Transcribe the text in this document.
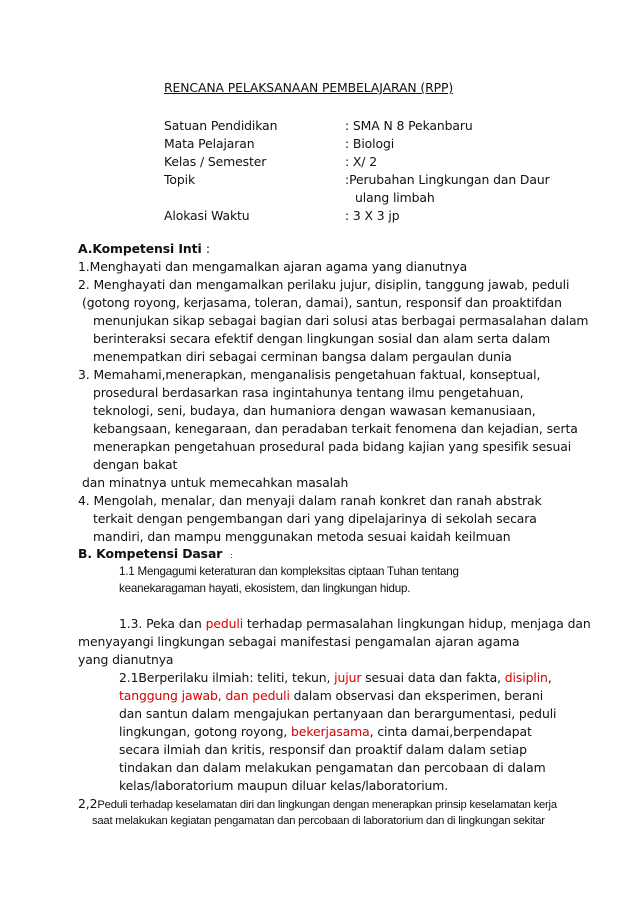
RENCANA PELAKSANAAN PEMBELAJARAN (RPP)
Satuan Pendidikan	: SMA N 8 Pekanbaru
Mata Pelajaran	: Biologi
Kelas / Semester	: X/ 2
Topik	:Perubahan Lingkungan dan Daur
ulang limbah
Alokasi Waktu	: 3 X 3 jp
A.Kompetensi Inti :
1.Menghayati dan mengamalkan ajaran agama yang dianutnya
2. Menghayati dan mengamalkan perilaku jujur, disiplin, tanggung jawab, peduli
(gotong royong, kerjasama, toleran, damai), santun, responsif dan proaktifdan
menunjukan sikap sebagai bagian dari solusi atas berbagai permasalahan dalam
berinteraksi secara efektif dengan lingkungan sosial dan alam serta dalam
menempatkan diri sebagai cerminan bangsa dalam pergaulan dunia
3. Memahami,menerapkan, menganalisis pengetahuan faktual, konseptual,
prosedural berdasarkan rasa ingintahunya tentang ilmu pengetahuan,
teknologi, seni, budaya, dan humaniora dengan wawasan kemanusiaan,
kebangsaan, kenegaraan, dan peradaban terkait fenomena dan kejadian, serta
menerapkan pengetahuan prosedural pada bidang kajian yang spesifik sesuai
dengan bakat
dan minatnya untuk memecahkan masalah
4. Mengolah, menalar, dan menyaji dalam ranah konkret dan ranah abstrak
terkait dengan pengembangan dari yang dipelajarinya di sekolah secara
mandiri, dan mampu menggunakan metoda sesuai kaidah keilmuan
B. Kompetensi Dasar :
1.1 Mengagumi keteraturan dan kompleksitas ciptaan Tuhan tentang
keanekaragaman hayati, ekosistem, dan lingkungan hidup.
1.3. Peka dan peduli terhadap permasalahan lingkungan hidup, menjaga dan
menyayangi lingkungan sebagai manifestasi pengamalan ajaran agama
yang dianutnya
2.1Berperilaku ilmiah: teliti, tekun, jujur sesuai data dan fakta, disiplin,
tanggung jawab, dan peduli dalam observasi dan eksperimen, berani
dan santun dalam mengajukan pertanyaan dan berargumentasi, peduli
lingkungan, gotong royong, bekerjasama, cinta damai,berpendapat
secara ilmiah dan kritis, responsif dan proaktif dalam dalam setiap
tindakan dan dalam melakukan pengamatan dan percobaan di dalam
kelas/laboratorium maupun diluar kelas/laboratorium.
2,2Peduli terhadap keselamatan diri dan lingkungan dengan menerapkan prinsip keselamatan kerja
saat melakukan kegiatan pengamatan dan percobaan di laboratorium dan di lingkungan sekitar
